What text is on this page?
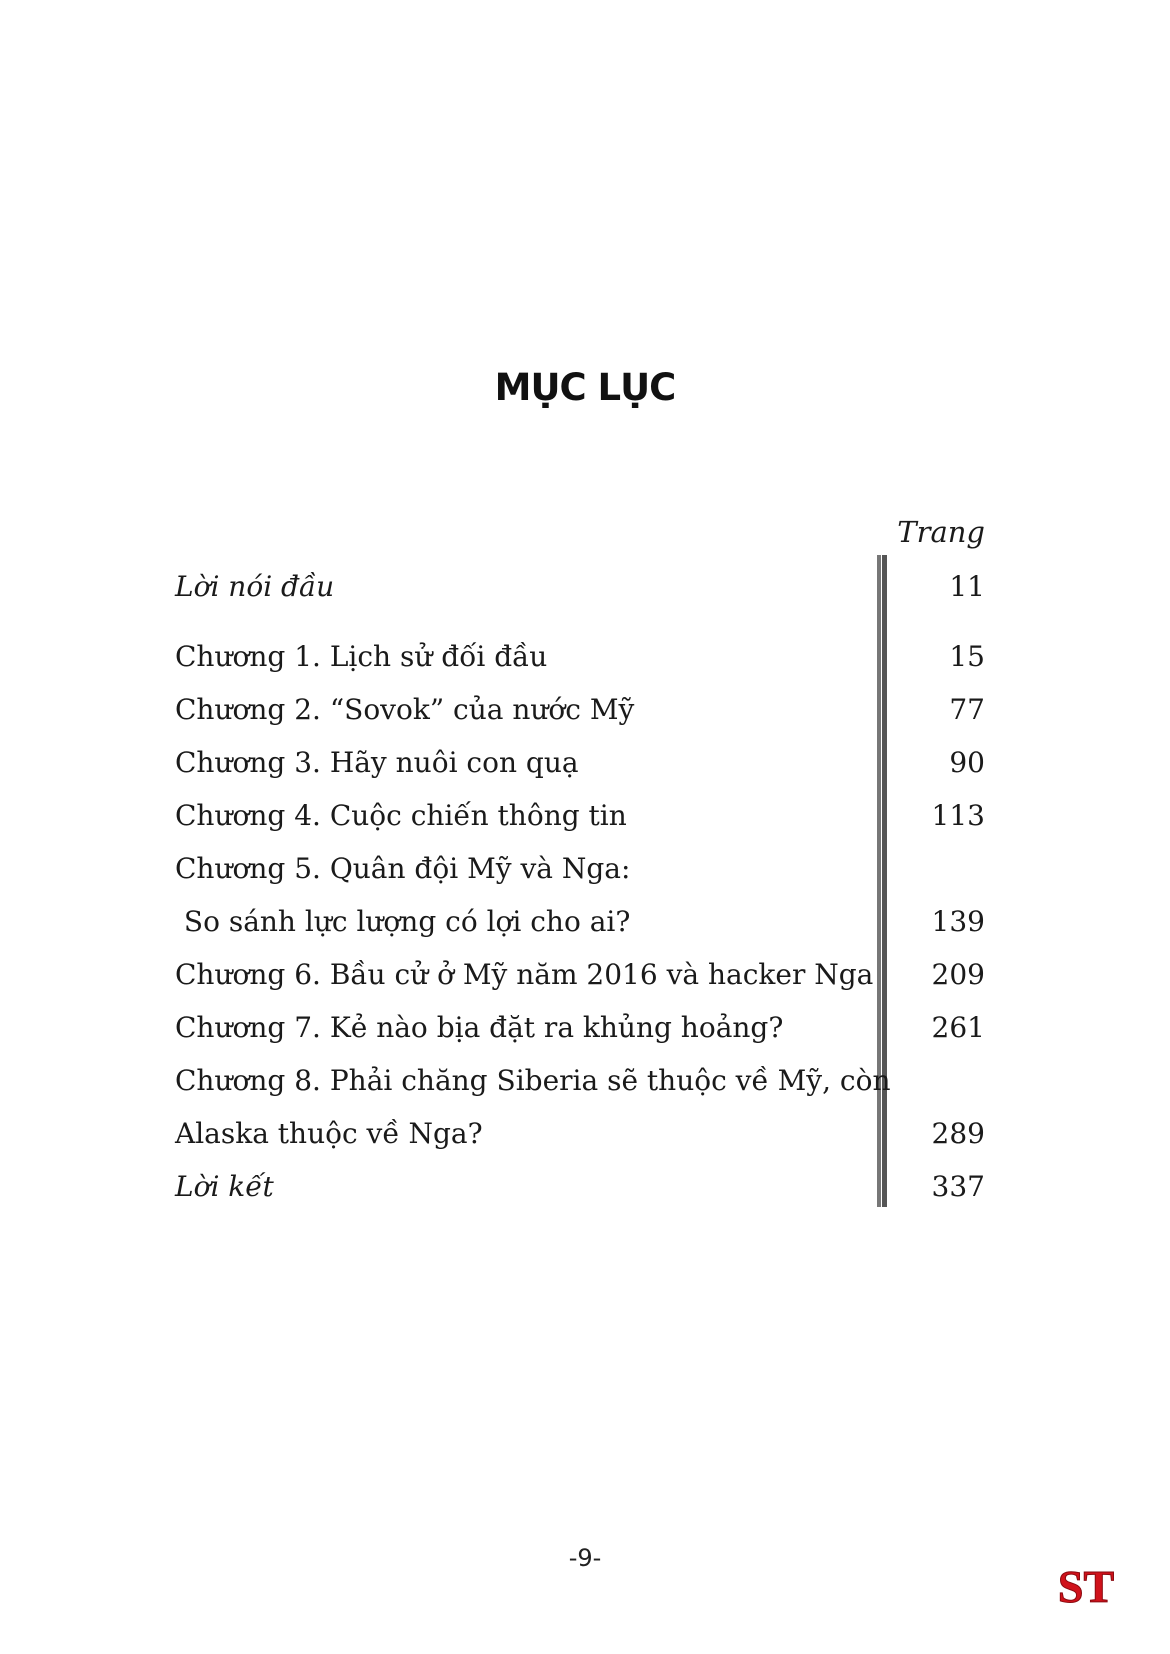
MỤC LỤC
Trang
Lời nói đầu	11
Chương 1. Lịch sử đối đầu	15
Chương 2. “Sovok” của nước Mỹ	77
Chương 3. Hãy nuôi con quạ	90
Chương 4. Cuộc chiến thông tin	113
Chương 5. Quân đội Mỹ và Nga:
So sánh lực lượng có lợi cho ai?	139
Chương 6. Bầu cử ở Mỹ năm 2016 và hacker Nga 209
Chương 7. Kẻ nào bịa đặt ra khủng hoảng?	261
Chương 8. Phải chăng Siberia sẽ thuộc về Mỹ, còn
Alaska thuộc về Nga?	289
Lời kết	337
-9-
ST
